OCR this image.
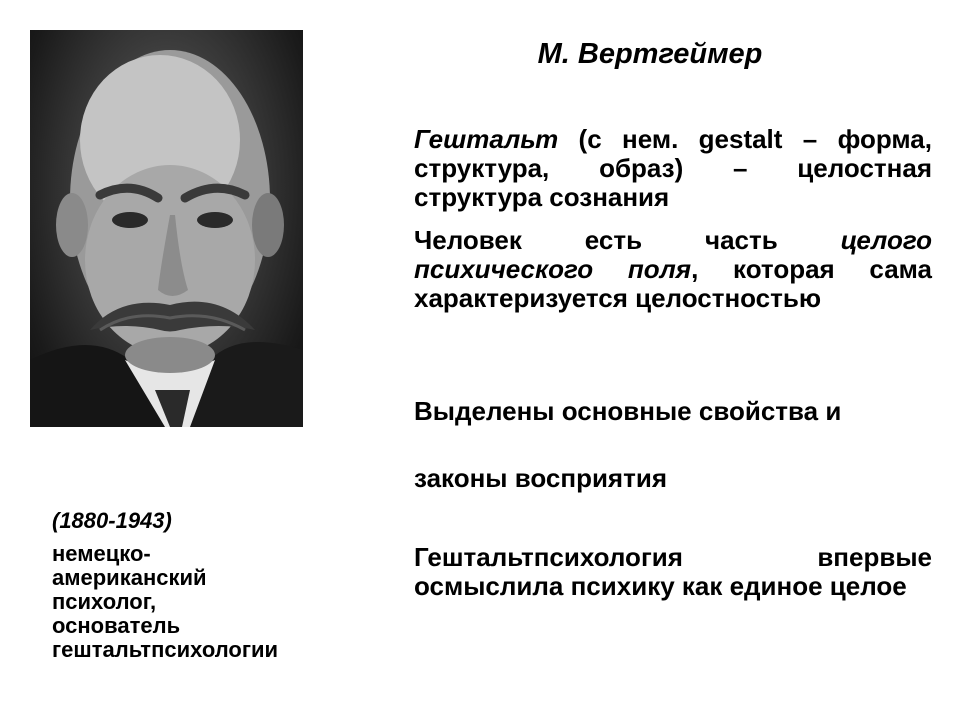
М. Вертгеймер

Гештальт (с нем. gestalt – форма, структура, образ) – целостная структура сознания

Человек есть часть целого психического поля, которая сама характеризуется целостностью

Выделены основные свойства и

законы восприятия

Гештальтпсихология впервые осмыслила психику как единое целое

(1880-1943)

немецко-
американский
психолог,
основатель
гештальтпсихологии
